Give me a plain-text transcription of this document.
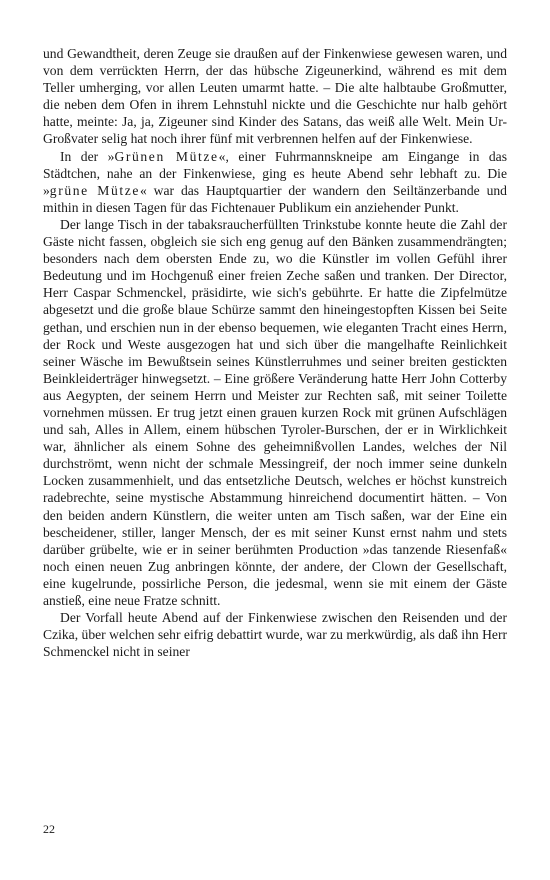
und Gewandtheit, deren Zeuge sie draußen auf der Finkenwiese gewesen waren, und von dem verrückten Herrn, der das hübsche Zigeunerkind, während es mit dem Teller umherging, vor allen Leuten umarmt hatte. – Die alte halbtaube Großmutter, die neben dem Ofen in ihrem Lehnstuhl nickte und die Geschichte nur halb gehört hatte, meinte: Ja, ja, Zigeuner sind Kinder des Satans, das weiß alle Welt. Mein Ur-Großvater selig hat noch ihrer fünf mit verbrennen helfen auf der Finkenwiese.

In der »Grünen Mütze«, einer Fuhrmannskneipe am Eingange in das Städtchen, nahe an der Finkenwiese, ging es heute Abend sehr lebhaft zu. Die »grüne Mütze« war das Hauptquartier der wandern den Seiltänzerbande und mithin in diesen Tagen für das Fichtenauer Publikum ein anziehender Punkt.

Der lange Tisch in der tabaksraucherfüllten Trinkstube konnte heute die Zahl der Gäste nicht fassen, obgleich sie sich eng genug auf den Bänken zusammendrängten; besonders nach dem obersten Ende zu, wo die Künstler im vollen Gefühl ihrer Bedeutung und im Hochgenuß einer freien Zeche saßen und tranken. Der Director, Herr Caspar Schmenckel, präsidirte, wie sich's gebührte. Er hatte die Zipfelmütze abgesetzt und die große blaue Schürze sammt den hineingestopften Kissen bei Seite gethan, und erschien nun in der ebenso bequemen, wie eleganten Tracht eines Herrn, der Rock und Weste ausgezogen hat und sich über die mangelhafte Reinlichkeit seiner Wäsche im Bewußtsein seines Künstlerruhmes und seiner breiten gestickten Beinkleiderträger hinwegsetzt. – Eine größere Veränderung hatte Herr John Cotterby aus Aegypten, der seinem Herrn und Meister zur Rechten saß, mit seiner Toilette vornehmen müssen. Er trug jetzt einen grauen kurzen Rock mit grünen Aufschlägen und sah, Alles in Allem, einem hübschen Tyroler-Burschen, der er in Wirklichkeit war, ähnlicher als einem Sohne des geheimnißvollen Landes, welches der Nil durchströmt, wenn nicht der schmale Messingreif, der noch immer seine dunkeln Locken zusammenhielt, und das entsetzliche Deutsch, welches er höchst kunstreich radebrechte, seine mystische Abstammung hinreichend documentirt hätten. – Von den beiden andern Künstlern, die weiter unten am Tisch saßen, war der Eine ein bescheidener, stiller, langer Mensch, der es mit seiner Kunst ernst nahm und stets darüber grübelte, wie er in seiner berühmten Production »das tanzende Riesenfaß« noch einen neuen Zug anbringen könnte, der andere, der Clown der Gesellschaft, eine kugelrunde, possirliche Person, die jedesmal, wenn sie mit einem der Gäste anstieß, eine neue Fratze schnitt.

Der Vorfall heute Abend auf der Finkenwiese zwischen den Reisenden und der Czika, über welchen sehr eifrig debattirt wurde, war zu merkwürdig, als daß ihn Herr Schmenckel nicht in seiner

22
